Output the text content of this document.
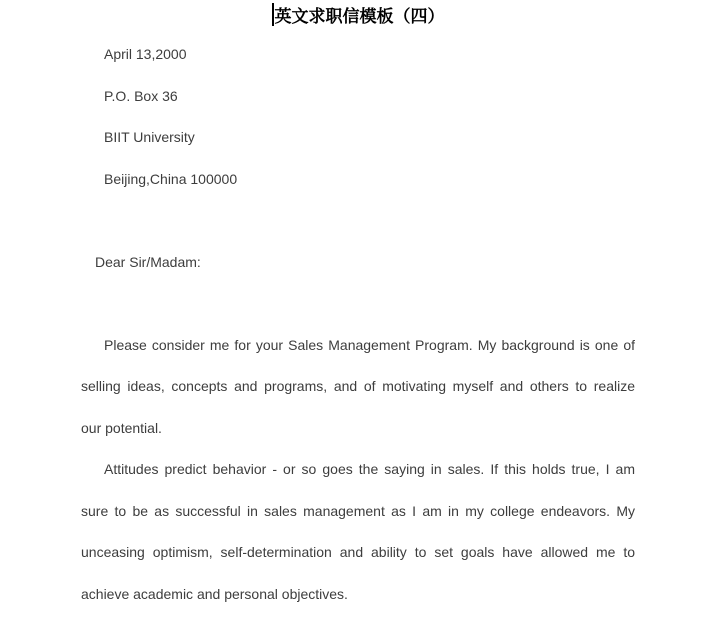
英文求职信模板（四）
April 13,2000
P.O. Box 36
BIIT University
Beijing,China 100000
Dear Sir/Madam:
Please consider me for your Sales Management Program. My background is one of
selling ideas, concepts and programs, and of motivating myself and others to realize
our potential.
Attitudes predict behavior - or so goes the saying in sales. If this holds true, I am
sure to be as successful in sales management as I am in my college endeavors. My
unceasing optimism, self-determination and ability to set goals have allowed me to
achieve academic and personal objectives.
